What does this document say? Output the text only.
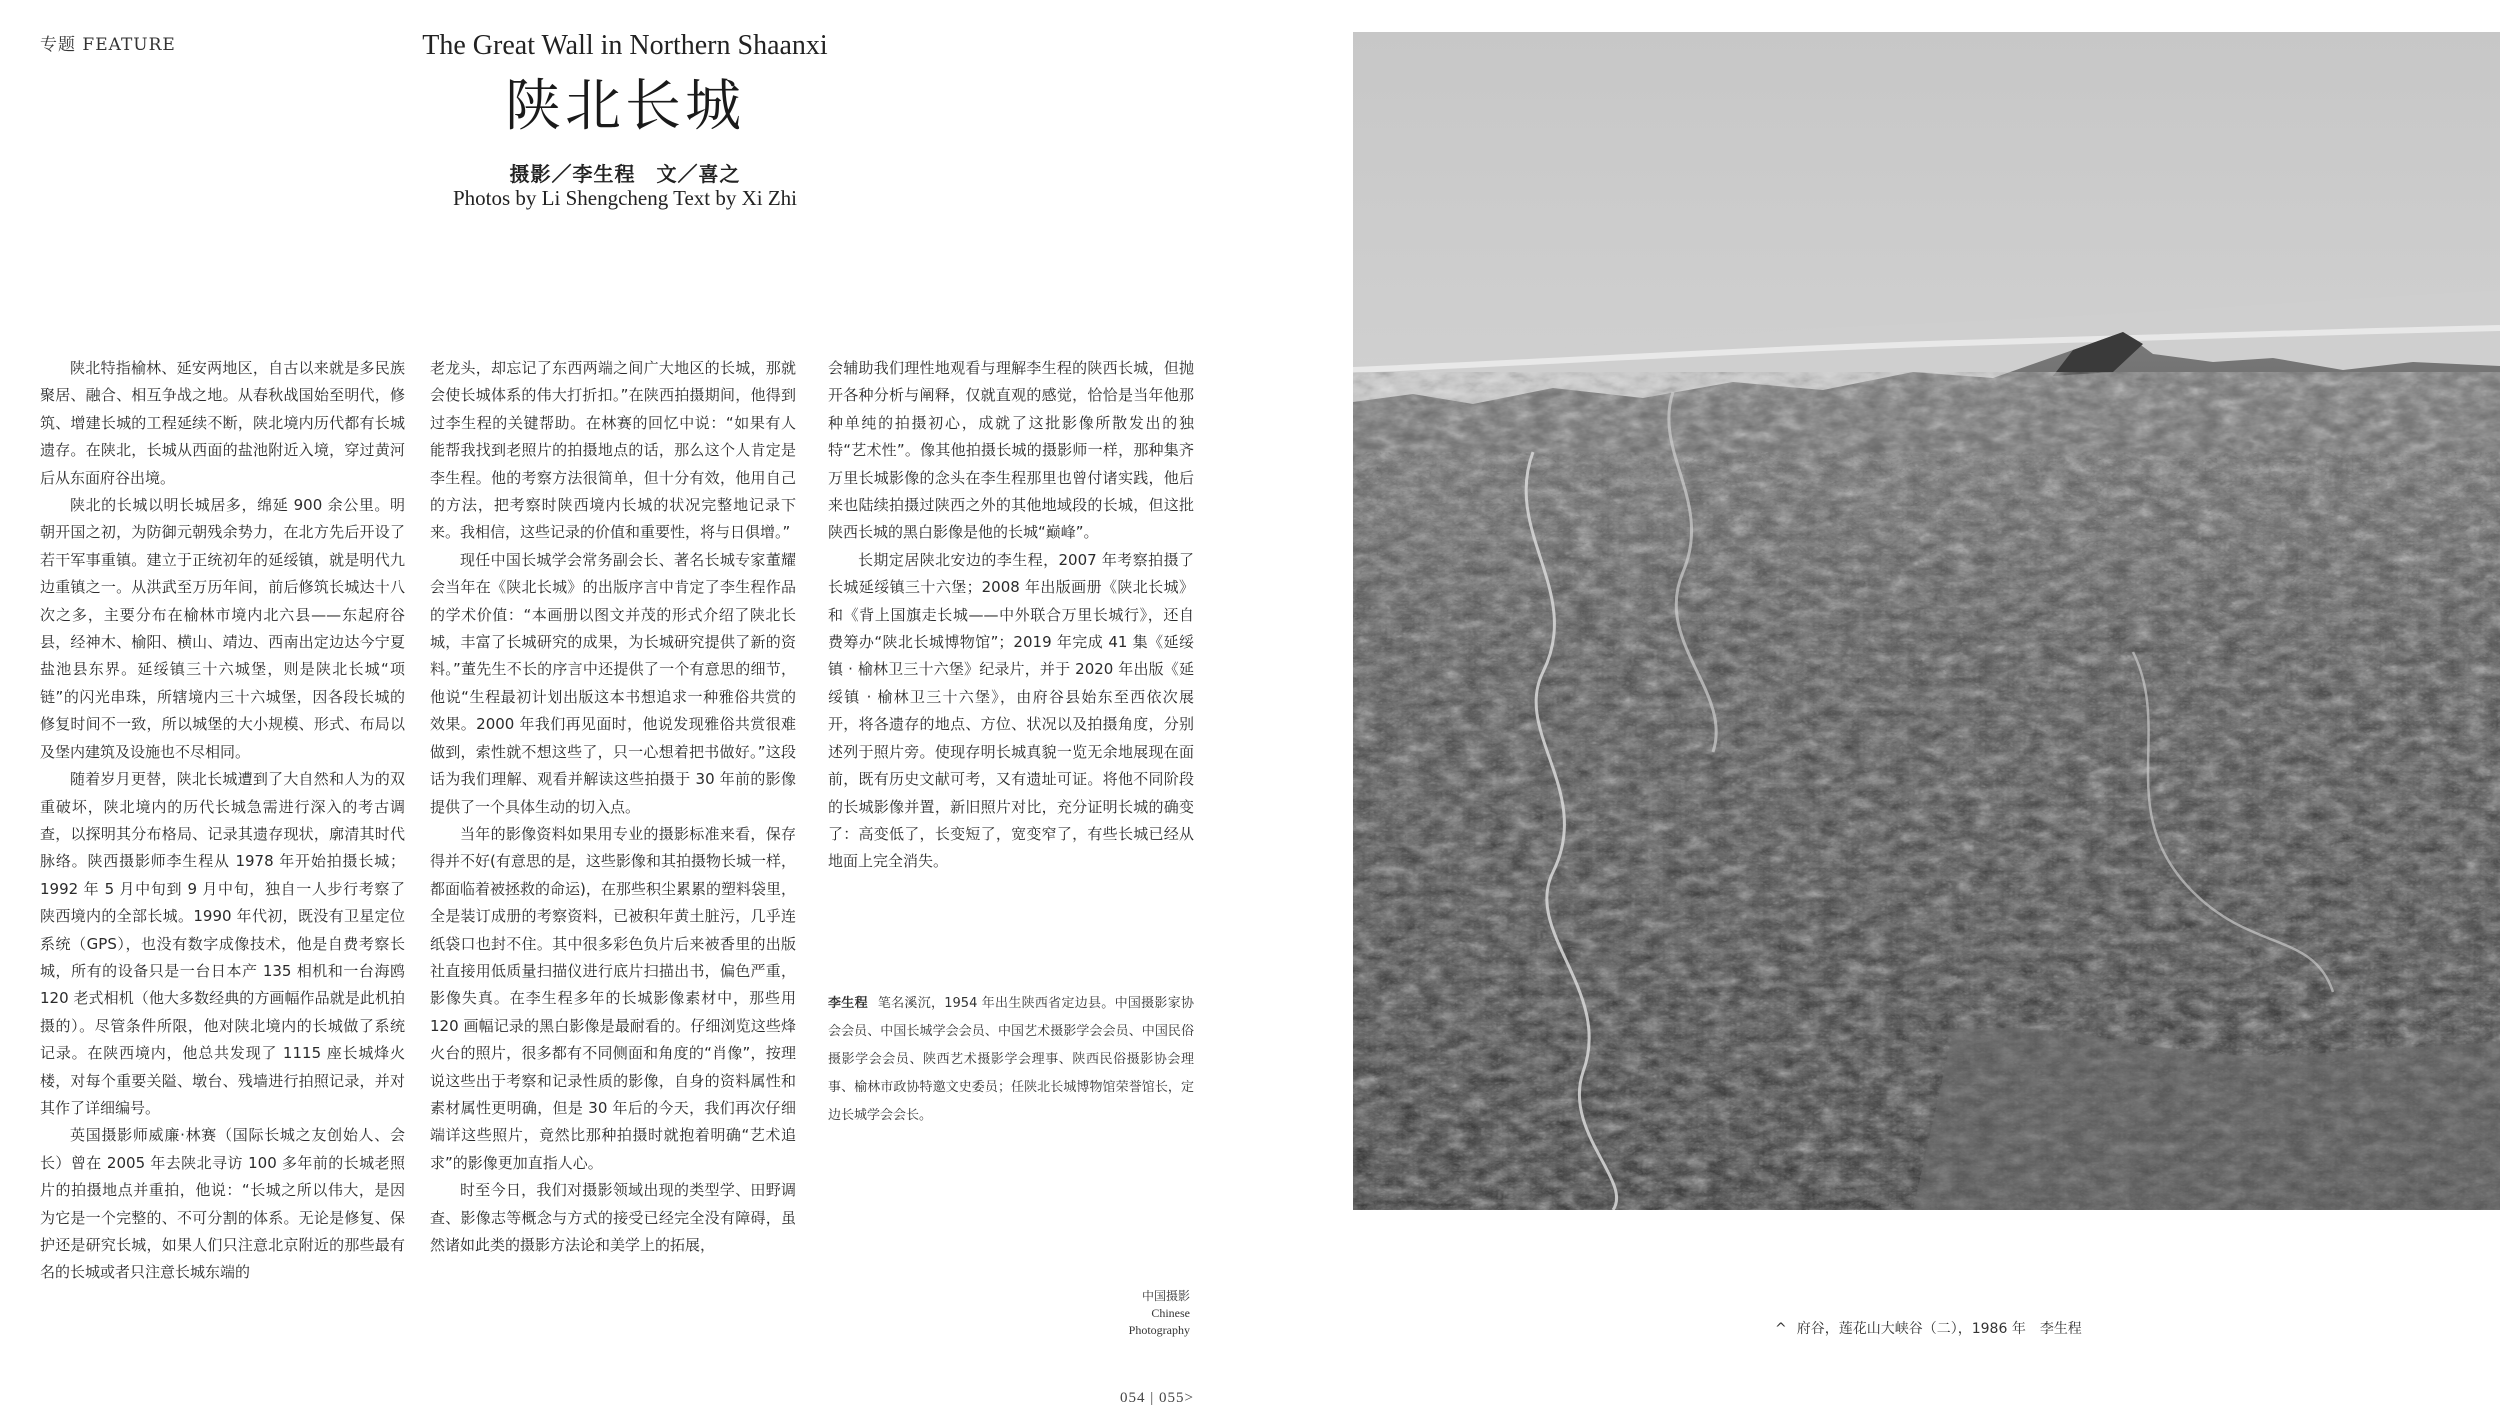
专题 FEATURE	The Great Wall in Northern Shaanxi
陕北长城
摄影／李生程　文／喜之
Photos by Li Shengcheng Text by Xi Zhi

陕北特指榆林、延安两地区，自古以来就是多民族聚居、融合、相互争战之地。从春秋战国始至明代，修筑、增建长城的工程延续不断，陕北境内历代都有长城遗存。在陕北，长城从西面的盐池附近入境，穿过黄河后从东面府谷出境。

陕北的长城以明长城居多，绵延 900 余公里。明朝开国之初，为防御元朝残余势力，在北方先后开设了若干军事重镇。建立于正统初年的延绥镇，就是明代九边重镇之一。从洪武至万历年间，前后修筑长城达十八次之多，主要分布在榆林市境内北六县——东起府谷县，经神木、榆阳、横山、靖边、西南出定边达今宁夏盐池县东界。延绥镇三十六城堡，则是陕北长城“项链”的闪光串珠，所辖境内三十六城堡，因各段长城的修复时间不一致，所以城堡的大小规模、形式、布局以及堡内建筑及设施也不尽相同。

随着岁月更替，陕北长城遭到了大自然和人为的双重破坏，陕北境内的历代长城急需进行深入的考古调查，以探明其分布格局、记录其遗存现状，廓清其时代脉络。陕西摄影师李生程从 1978 年开始拍摄长城；1992 年 5 月中旬到 9 月中旬，独自一人步行考察了陕西境内的全部长城。1990 年代初，既没有卫星定位系统（GPS），也没有数字成像技术，他是自费考察长城，所有的设备只是一台日本产 135 相机和一台海鸥 120 老式相机（他大多数经典的方画幅作品就是此机拍摄的）。尽管条件所限，他对陕北境内的长城做了系统记录。在陕西境内，他总共发现了 1115 座长城烽火楼，对每个重要关隘、墩台、残墙进行拍照记录，并对其作了详细编号。

英国摄影师威廉·林赛（国际长城之友创始人、会长）曾在 2005 年去陕北寻访 100 多年前的长城老照片的拍摄地点并重拍，他说：“长城之所以伟大，是因为它是一个完整的、不可分割的体系。无论是修复、保护还是研究长城，如果人们只注意北京附近的那些最有名的长城或者只注意长城东端的

老龙头，却忘记了东西两端之间广大地区的长城，那就会使长城体系的伟大打折扣。”在陕西拍摄期间，他得到过李生程的关键帮助。在林赛的回忆中说：“如果有人能帮我找到老照片的拍摄地点的话，那么这个人肯定是李生程。他的考察方法很简单，但十分有效，他用自己的方法，把考察时陕西境内长城的状况完整地记录下来。我相信，这些记录的价值和重要性，将与日俱增。”

现任中国长城学会常务副会长、著名长城专家董耀会当年在《陕北长城》的出版序言中肯定了李生程作品的学术价值：“本画册以图文并茂的形式介绍了陕北长城，丰富了长城研究的成果，为长城研究提供了新的资料。”董先生不长的序言中还提供了一个有意思的细节，他说“生程最初计划出版这本书想追求一种雅俗共赏的效果。2000 年我们再见面时，他说发现雅俗共赏很难做到，索性就不想这些了，只一心想着把书做好。”这段话为我们理解、观看并解读这些拍摄于 30 年前的影像提供了一个具体生动的切入点。

当年的影像资料如果用专业的摄影标准来看，保存得并不好(有意思的是，这些影像和其拍摄物长城一样，都面临着被拯救的命运)，在那些积尘累累的塑料袋里，全是装订成册的考察资料，已被积年黄土脏污，几乎连纸袋口也封不住。其中很多彩色负片后来被香里的出版社直接用低质量扫描仪进行底片扫描出书，偏色严重，影像失真。在李生程多年的长城影像素材中，那些用 120 画幅记录的黑白影像是最耐看的。仔细浏览这些烽火台的照片，很多都有不同侧面和角度的“肖像”，按理说这些出于考察和记录性质的影像，自身的资料属性和素材属性更明确，但是 30 年后的今天，我们再次仔细端详这些照片，竟然比那种拍摄时就抱着明确“艺术追求”的影像更加直指人心。

时至今日，我们对摄影领域出现的类型学、田野调查、影像志等概念与方式的接受已经完全没有障碍，虽然诸如此类的摄影方法论和美学上的拓展，

会辅助我们理性地观看与理解李生程的陕西长城，但抛开各种分析与阐释，仅就直观的感觉，恰恰是当年他那种单纯的拍摄初心，成就了这批影像所散发出的独特“艺术性”。像其他拍摄长城的摄影师一样，那种集齐万里长城影像的念头在李生程那里也曾付诸实践，他后来也陆续拍摄过陕西之外的其他地域段的长城，但这批陕西长城的黑白影像是他的长城“巅峰”。

长期定居陕北安边的李生程，2007 年考察拍摄了长城延绥镇三十六堡；2008 年出版画册《陕北长城》和《背上国旗走长城——中外联合万里长城行》，还自费筹办“陕北长城博物馆”；2019 年完成 41 集《延绥镇 · 榆林卫三十六堡》纪录片，并于 2020 年出版《延绥镇 · 榆林卫三十六堡》，由府谷县始东至西依次展开，将各遗存的地点、方位、状况以及拍摄角度，分别述列于照片旁。使现存明长城真貌一览无余地展现在面前，既有历史文献可考，又有遗址可证。将他不同阶段的长城影像并置，新旧照片对比，充分证明长城的确变了：高变低了，长变短了，宽变窄了，有些长城已经从地面上完全消失。

李生程 笔名溪沉，1954 年出生陕西省定边县。中国摄影家协会会员、中国长城学会会员、中国艺术摄影学会会员、中国民俗摄影学会会员、陕西艺术摄影学会理事、陕西民俗摄影协会理事、榆林市政协特邀文史委员；任陕北长城博物馆荣誉馆长，定边长城学会会长。
中国摄影
Chinese
Photography
054 | 055>
^ 府谷，莲花山大峡谷（二），1986 年　李生程
